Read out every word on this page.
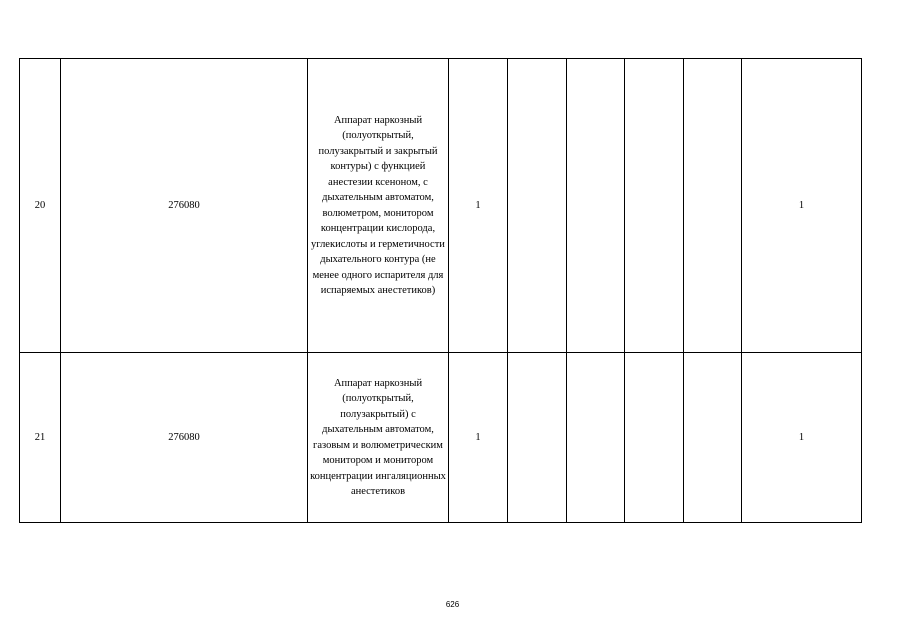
20	276080	Аппарат наркозный (полуоткрытый, полузакрытый и закрытый контуры) с функцией анестезии ксеноном, с дыхательным автоматом, волюметром, монитором концентрации кислорода, углекислоты и герметичности дыхательного контура (не менее одного испарителя для испаряемых анестетиков)	1					1
21	276080	Аппарат наркозный (полуоткрытый, полузакрытый) с дыхательным автоматом, газовым и волюметрическим монитором и монитором концентрации ингаляционных анестетиков	1					1
626
